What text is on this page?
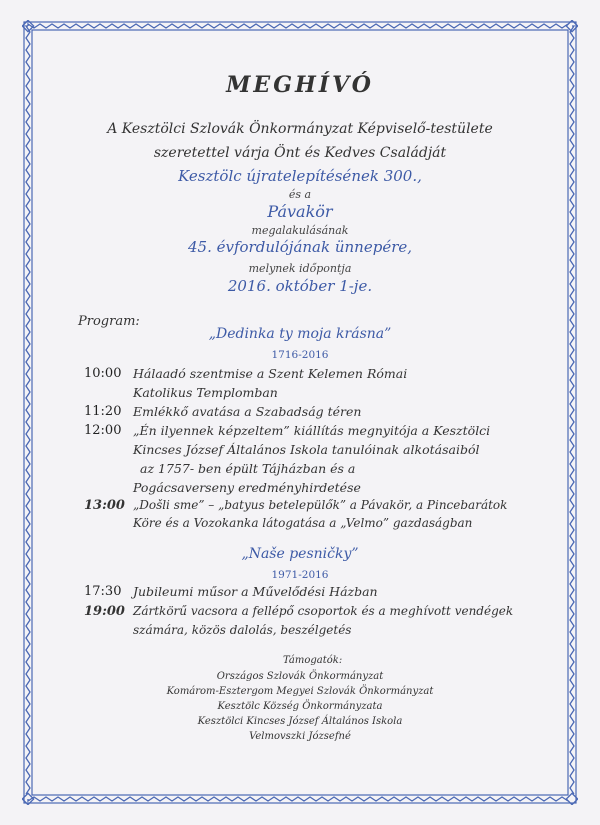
MEGHÍVÓ
A Kesztölci Szlovák Önkormányzat Képviselő-testülete
szeretettel várja Önt és Kedves Családját
Kesztölc újratelepítésének 300.,
és a
Pávakör
megalakulásának
45. évfordulójának ünnepére,
melynek időpontja
2016. október 1-je.
Program:
„Dedinka ty moja krásna”
1716-2016
10:00 Hálaadó szentmise a Szent Kelemen Római
Katolikus Templomban
11:20 Emlékkő avatása a Szabadság téren
12:00 „Én ilyennek képzeltem” kiállítás megnyitója a Kesztölci
Kincses József Általános Iskola tanulóinak alkotásaiból
az 1757- ben épült Tájházban és a
Pogácsaverseny eredményhirdetése
13:00 „Došli sme” – „batyus betelepülők” a Pávakör, a Pincebarátok
Köre és a Vozokanka látogatása a „Velmo” gazdaságban
„Naše pesničky”
1971-2016
17:30 Jubileumi műsor a Művelődési Házban
19:00 Zártkörű vacsora a fellépő csoportok és a meghívott vendégek
számára, közös dalolás, beszélgetés
Támogatók:
Országos Szlovák Önkormányzat
Komárom-Esztergom Megyei Szlovák Önkormányzat
Kesztölc Község Önkormányzata
Kesztölci Kincses József Általános Iskola
Velmovszki Józsefné
